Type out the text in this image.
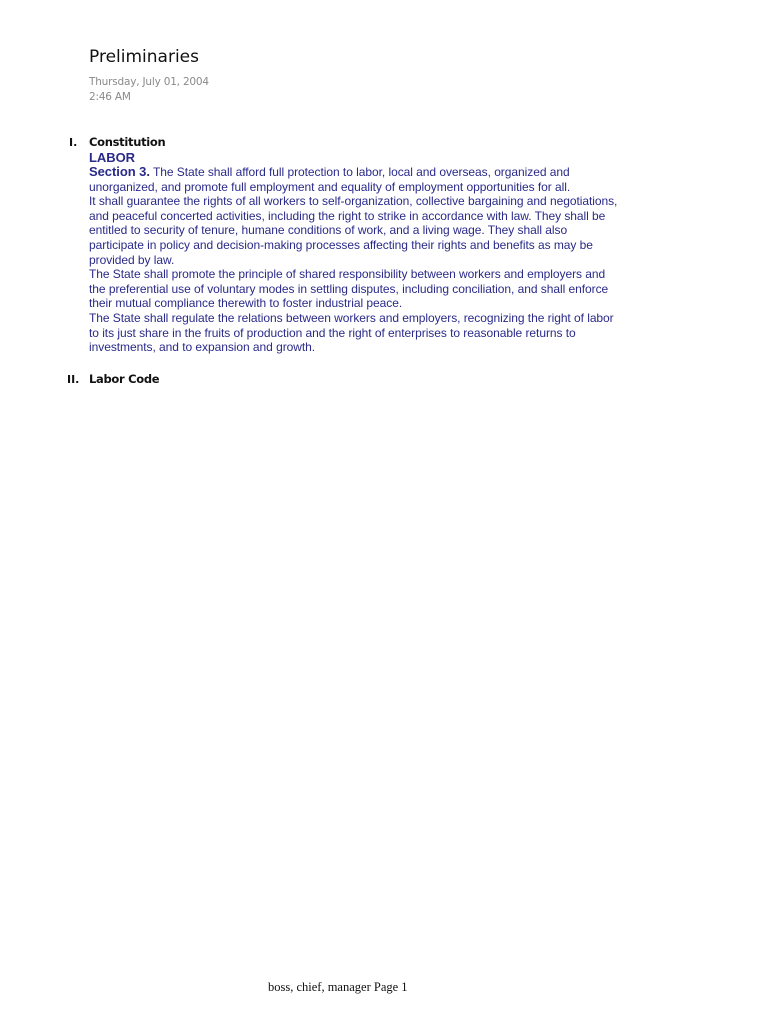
Preliminaries
Thursday, July 01, 2004
2:46 AM
I. Constitution
LABOR
Section 3. The State shall afford full protection to labor, local and overseas, organized and
unorganized, and promote full employment and equality of employment opportunities for all.
It shall guarantee the rights of all workers to self-organization, collective bargaining and negotiations,
and peaceful concerted activities, including the right to strike in accordance with law. They shall be
entitled to security of tenure, humane conditions of work, and a living wage. They shall also
participate in policy and decision-making processes affecting their rights and benefits as may be
provided by law.
The State shall promote the principle of shared responsibility between workers and employers and
the preferential use of voluntary modes in settling disputes, including conciliation, and shall enforce
their mutual compliance therewith to foster industrial peace.
The State shall regulate the relations between workers and employers, recognizing the right of labor
to its just share in the fruits of production and the right of enterprises to reasonable returns to
investments, and to expansion and growth.
II. Labor Code
boss, chief, manager Page 1
